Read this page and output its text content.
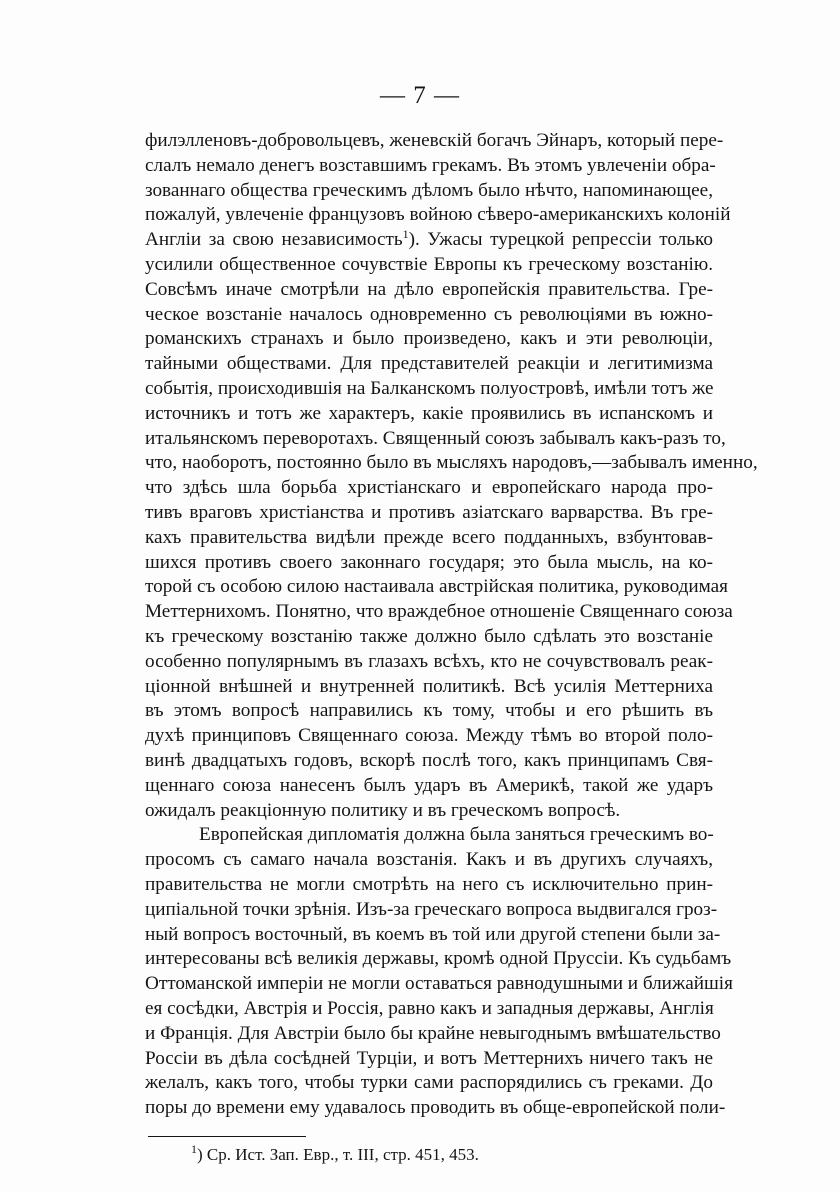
— 7 —
филэлленовъ-добровольцевъ, женевскій богачъ Эйнаръ, который пере-
слалъ немало денегъ возставшимъ грекамъ. Въ этомъ увлеченіи обра-
зованнаго общества греческимъ дѣломъ было нѣчто, напоминающее,
пожалуй, увлеченіе французовъ войною сѣверо-американскихъ колоній
Англіи за свою независимость$^1$). Ужасы турецкой репрессіи только
усилили общественное сочувствіе Европы къ греческому возстанію.
Совсѣмъ иначе смотрѣли на дѣло европейскія правительства. Гре-
ческое возстаніе началось одновременно съ революціями въ южно-
романскихъ странахъ и было произведено, какъ и эти революціи,
тайными обществами. Для представителей реакціи и легитимизма
событія, происходившія на Балканскомъ полуостровѣ, имѣли тотъ же
источникъ и тотъ же характеръ, какіе проявились въ испанскомъ и
итальянскомъ переворотахъ. Священный союзъ забывалъ какъ-разъ то,
что, наоборотъ, постоянно было въ мысляхъ народовъ,—забывалъ именно,
что здѣсь шла борьба христіанскаго и европейскаго народа про-
тивъ враговъ христіанства и противъ азіатскаго варварства. Въ гре-
кахъ правительства видѣли прежде всего подданныхъ, взбунтовав-
шихся противъ своего законнаго государя; это была мысль, на ко-
торой съ особою силою настаивала австрійская политика, руководимая
Меттернихомъ. Понятно, что враждебное отношеніе Священнаго союза
къ греческому возстанію также должно было сдѣлать это возстаніе
особенно популярнымъ въ глазахъ всѣхъ, кто не сочувствовалъ реак-
ціонной внѣшней и внутренней политикѣ. Всѣ усилія Меттерниха
въ этомъ вопросѣ направились къ тому, чтобы и его рѣшить въ
духѣ принциповъ Священнаго союза. Между тѣмъ во второй поло-
винѣ двадцатыхъ годовъ, вскорѣ послѣ того, какъ принципамъ Свя-
щеннаго союза нанесенъ былъ ударъ въ Америкѣ, такой же ударъ
ожидалъ реакціонную политику и въ греческомъ вопросѣ.
Европейская дипломатія должна была заняться греческимъ во-
просомъ съ самаго начала возстанія. Какъ и въ другихъ случаяхъ,
правительства не могли смотрѣть на него съ исключительно прин-
ципіальной точки зрѣнія. Изъ-за греческаго вопроса выдвигался гроз-
ный вопросъ восточный, въ коемъ въ той или другой степени были за-
интересованы всѣ великія державы, кромѣ одной Пруссіи. Къ судьбамъ
Оттоманской имперіи не могли оставаться равнодушными и ближайшія
ея сосѣдки, Австрія и Россія, равно какъ и западныя державы, Англія
и Франція. Для Австріи было бы крайне невыгоднымъ вмѣшательство
Россіи въ дѣла сосѣдней Турціи, и вотъ Меттернихъ ничего такъ не
желалъ, какъ того, чтобы турки сами распорядились съ греками. До
поры до времени ему удавалось проводить въ обще-европейской поли-
$^1$) Ср. Ист. Зап. Евр., т. III, стр. 451, 453.
